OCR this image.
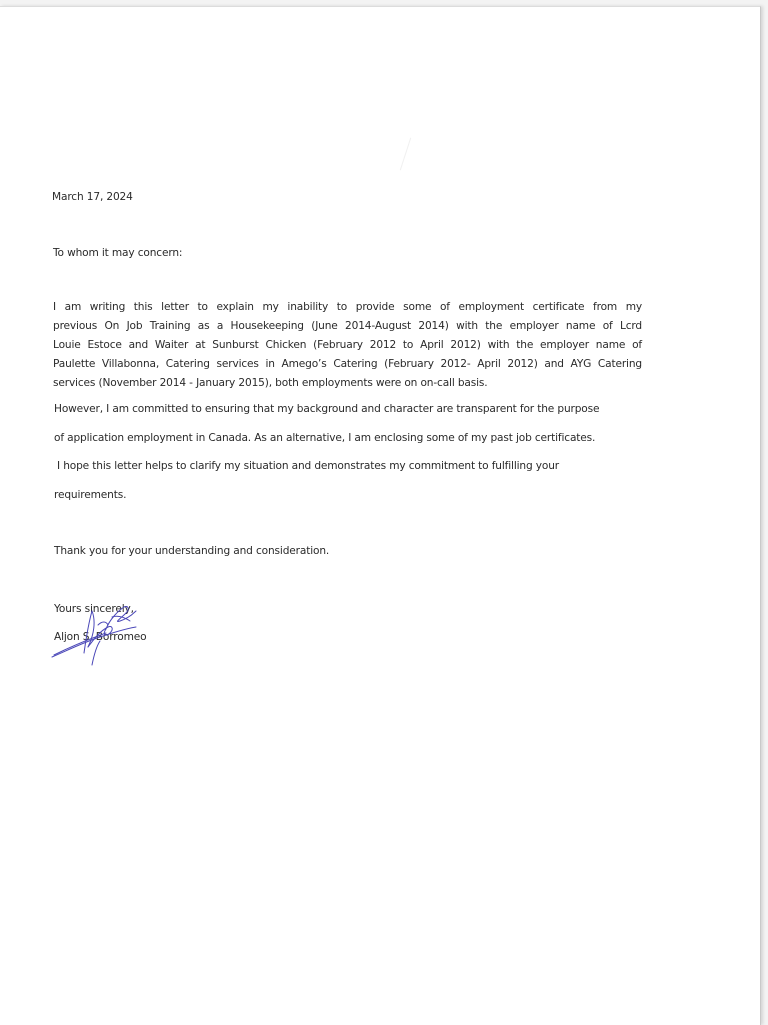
March 17, 2024
To whom it may concern:
I am writing this letter to explain my inability to provide some of employment certificate from my
previous On Job Training as a Housekeeping (June 2014-August 2014) with the employer name of Lcrd
Louie Estoce and Waiter at Sunburst Chicken (February 2012 to April 2012) with the employer name of
Paulette Villabonna, Catering services in Amego’s Catering (February 2012- April 2012) and AYG Catering
services (November 2014 - January 2015), both employments were on on-call basis.
However, I am committed to ensuring that my background and character are transparent for the purpose
of application employment in Canada. As an alternative, I am enclosing some of my past job certificates.
I hope this letter helps to clarify my situation and demonstrates my commitment to fulfilling your
requirements.
Thank you for your understanding and consideration.
Yours sincerely,
Aljon S. Borromeo
